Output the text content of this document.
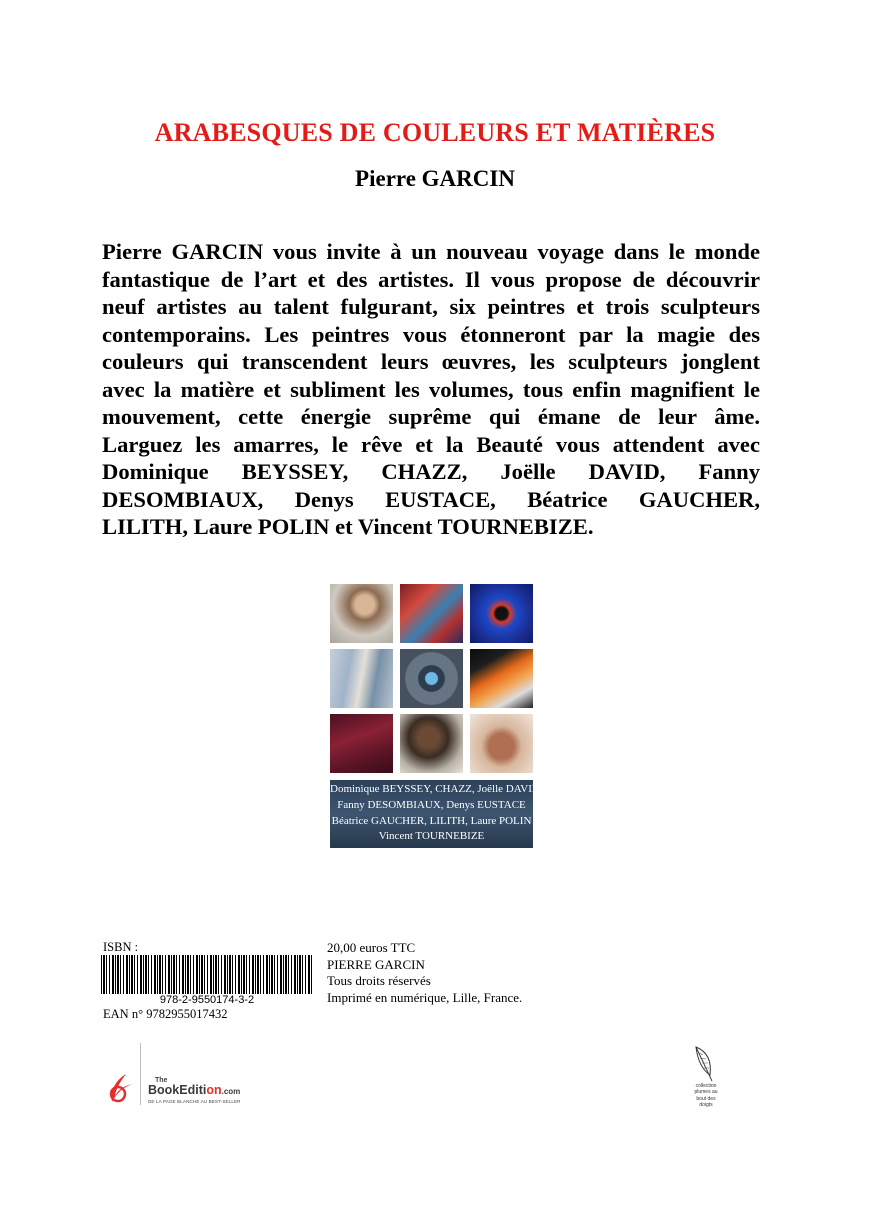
ARABESQUES DE COULEURS ET MATIÈRES
Pierre GARCIN
Pierre GARCIN vous invite à un nouveau voyage dans le monde
fantastique de l’art et des artistes. Il vous propose de découvrir
neuf artistes au talent fulgurant, six peintres et trois sculpteurs
contemporains. Les peintres vous étonneront par la magie des
couleurs qui transcendent leurs œuvres, les sculpteurs jonglent
avec la matière et subliment les volumes, tous enfin magnifient le
mouvement, cette énergie suprême qui émane de leur âme.
Larguez les amarres, le rêve et la Beauté vous attendent avec
Dominique BEYSSEY, CHAZZ, Joëlle DAVID, Fanny
DESOMBIAUX, Denys EUSTACE, Béatrice GAUCHER,
LILITH, Laure POLIN et Vincent TOURNEBIZE.
Dominique BEYSSEY, CHAZZ, Joëlle DAVID
Fanny DESOMBIAUX, Denys EUSTACE
Béatrice GAUCHER, LILITH, Laure POLIN
Vincent TOURNEBIZE
ISBN :
978-2-9550174-3-2
EAN n° 9782955017432
20,00 euros TTC
PIERRE GARCIN
Tous droits réservés
Imprimé en numérique, Lille, France.
The
BookEdition.com
DE LA PAGE BLANCHE AU BEST-SELLER
collection
plumes au
bout des
doigts
